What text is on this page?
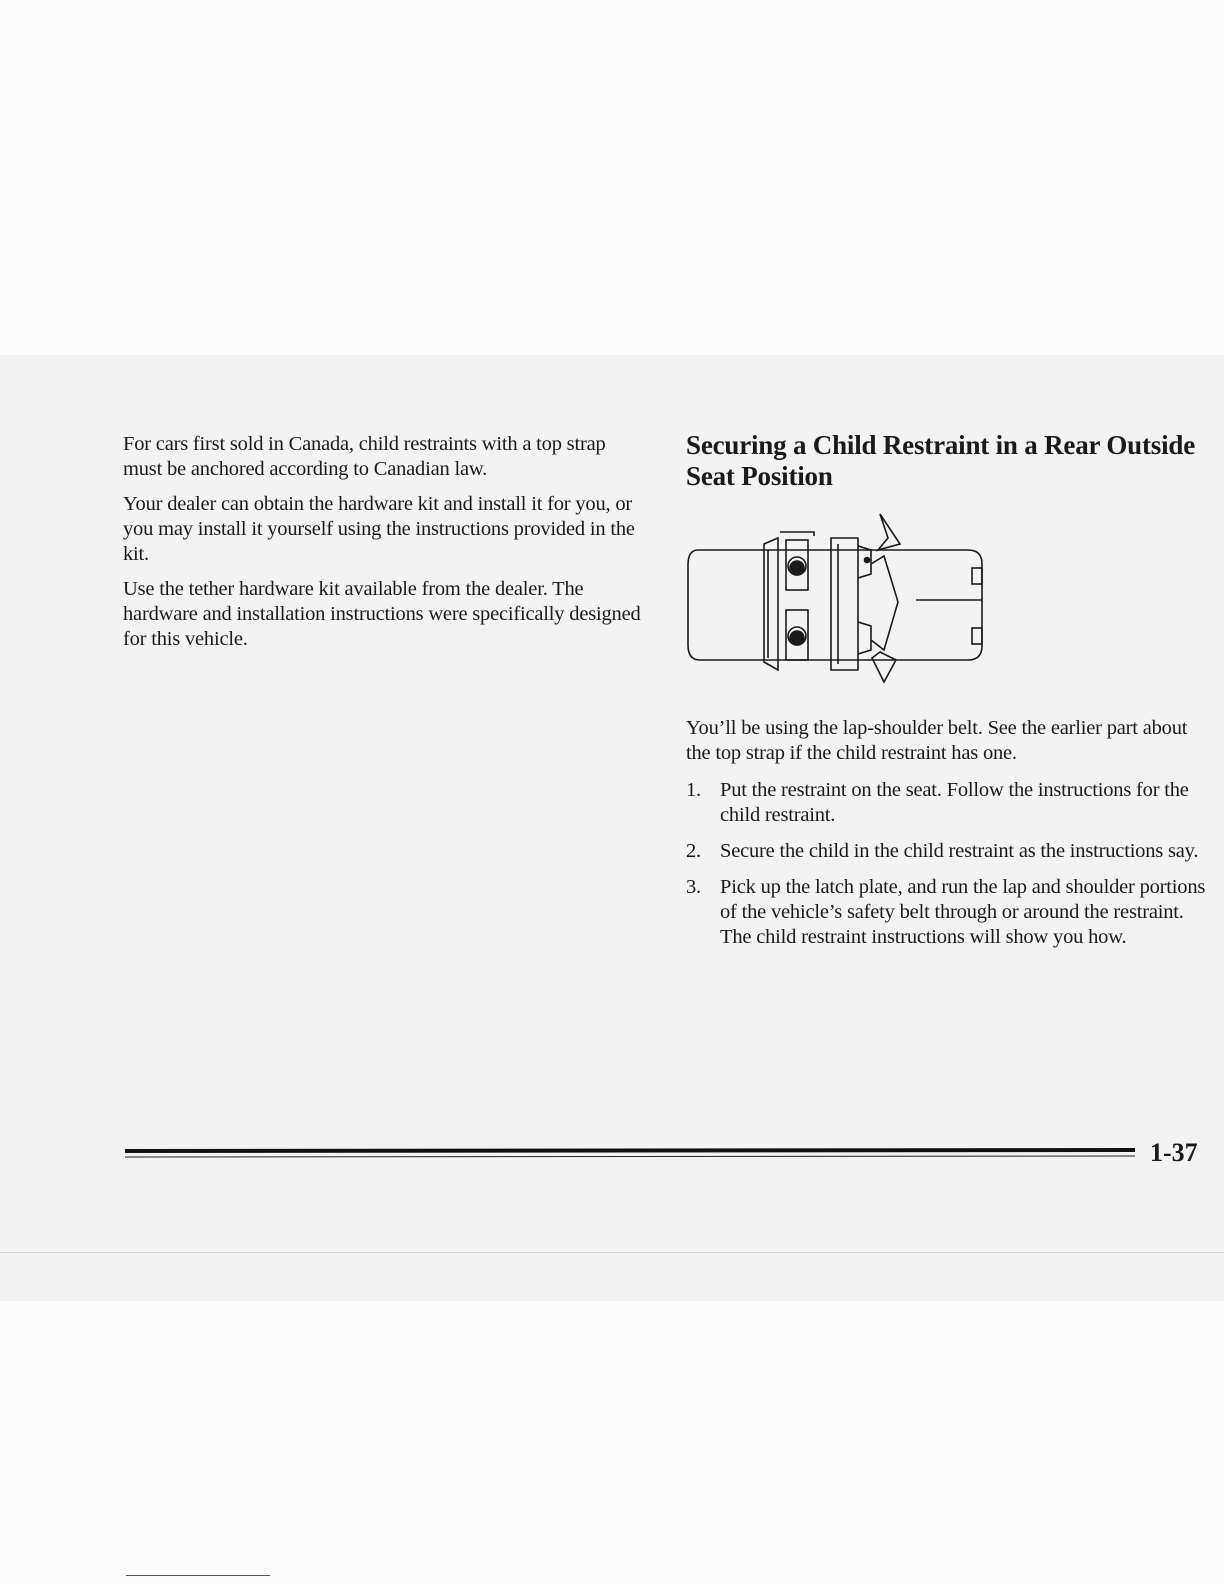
For cars first sold in Canada, child restraints with a top strap must be anchored according to Canadian law.

Your dealer can obtain the hardware kit and install it for you, or you may install it yourself using the instructions provided in the kit.

Use the tether hardware kit available from the dealer. The hardware and installation instructions were specifically designed for this vehicle.

Securing a Child Restraint in a Rear Outside Seat Position

You’ll be using the lap-shoulder belt. See the earlier part about the top strap if the child restraint has one.

1. Put the restraint on the seat. Follow the instructions for the child restraint.
2. Secure the child in the child restraint as the instructions say.
3. Pick up the latch plate, and run the lap and shoulder portions of the vehicle’s safety belt through or around the restraint. The child restraint instructions will show you how.
1-37
